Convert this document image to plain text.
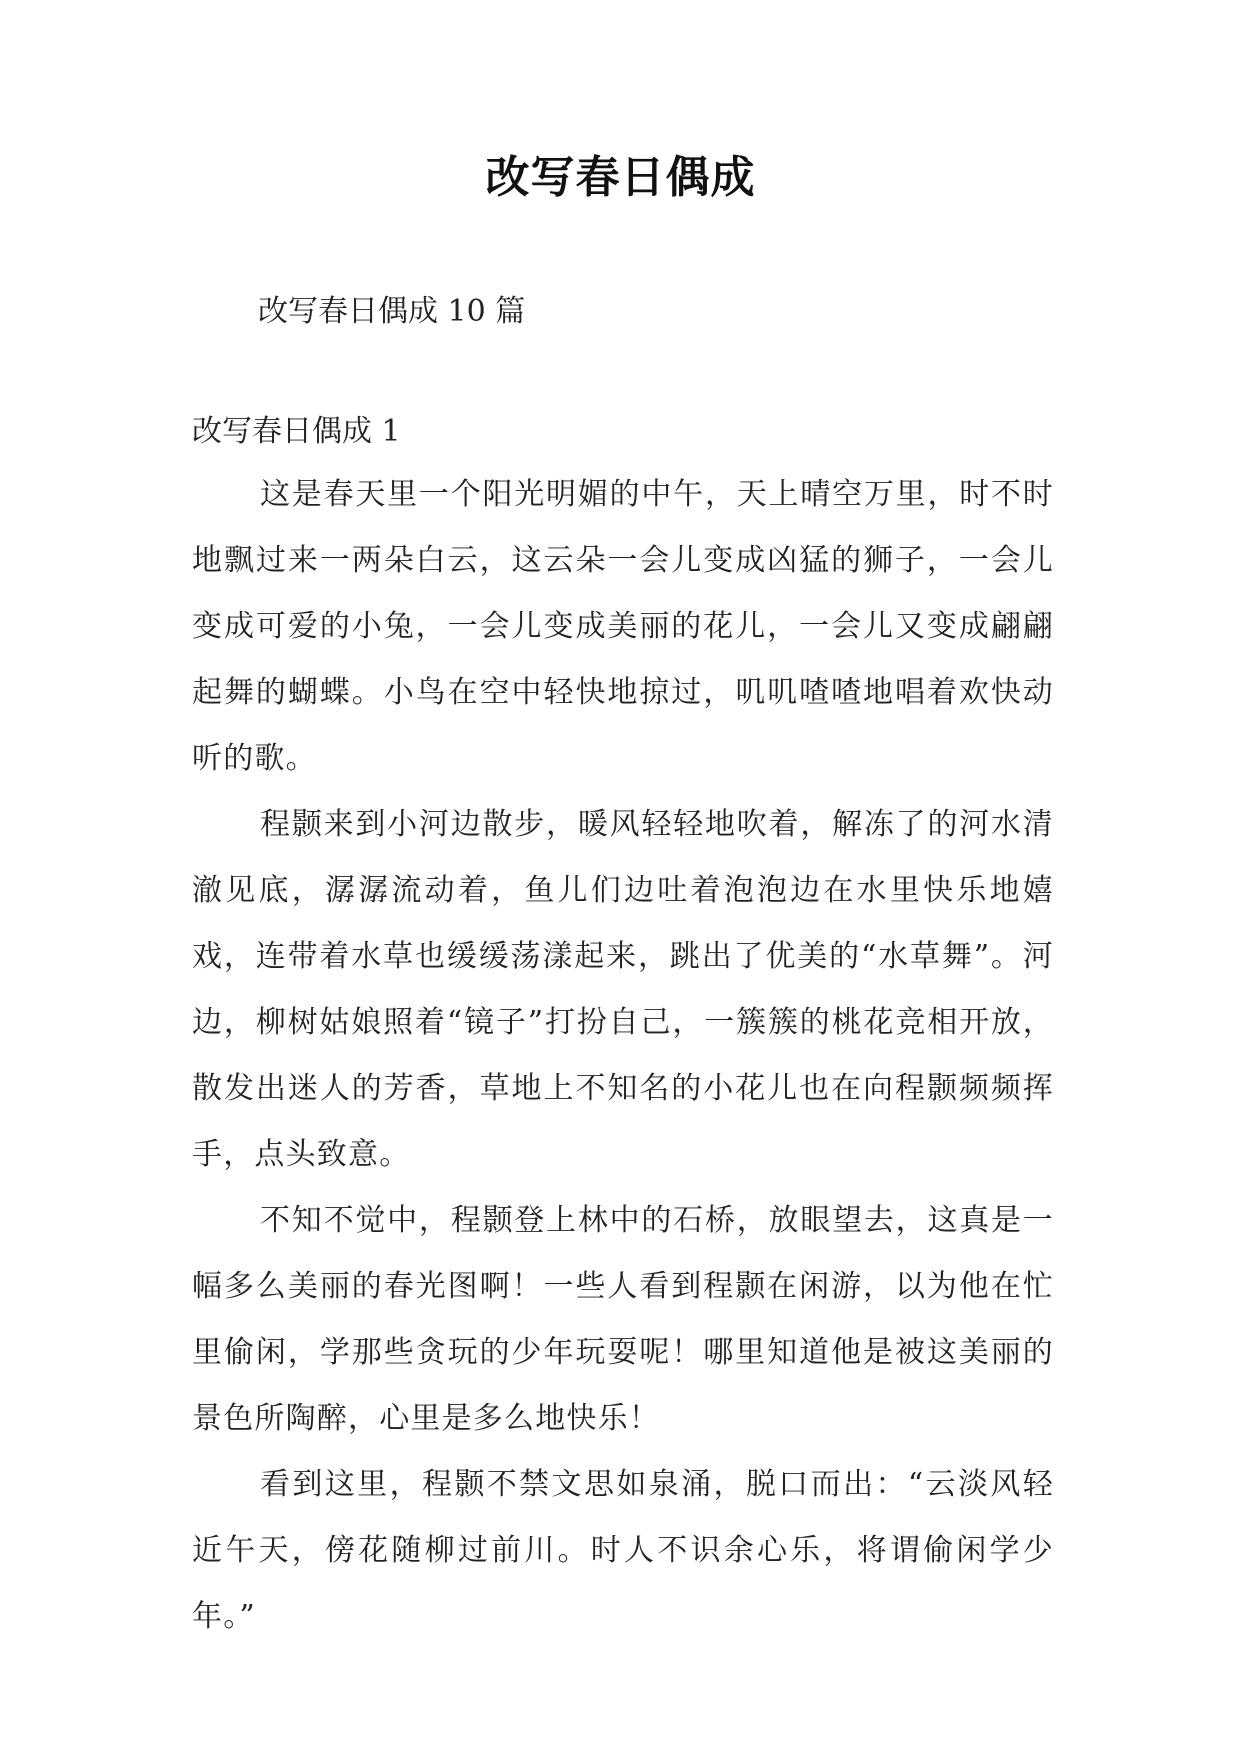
改写春日偶成
改写春日偶成 10 篇
改写春日偶成 1

这是春天里一个阳光明媚的中午，天上晴空万里，时不时地飘过来一两朵白云，这云朵一会儿变成凶猛的狮子，一会儿变成可爱的小兔，一会儿变成美丽的花儿，一会儿又变成翩翩起舞的蝴蝶。小鸟在空中轻快地掠过，叽叽喳喳地唱着欢快动听的歌。

程颢来到小河边散步，暖风轻轻地吹着，解冻了的河水清澈见底，潺潺流动着，鱼儿们边吐着泡泡边在水里快乐地嬉戏，连带着水草也缓缓荡漾起来，跳出了优美的“水草舞”。河边，柳树姑娘照着“镜子”打扮自己，一簇簇的桃花竞相开放，散发出迷人的芳香，草地上不知名的小花儿也在向程颢频频挥手，点头致意。

不知不觉中，程颢登上林中的石桥，放眼望去，这真是一幅多么美丽的春光图啊！一些人看到程颢在闲游，以为他在忙里偷闲，学那些贪玩的少年玩耍呢！哪里知道他是被这美丽的景色所陶醉，心里是多么地快乐！

看到这里，程颢不禁文思如泉涌，脱口而出：“云淡风轻近午天，傍花随柳过前川。时人不识余心乐，将谓偷闲学少年。”
